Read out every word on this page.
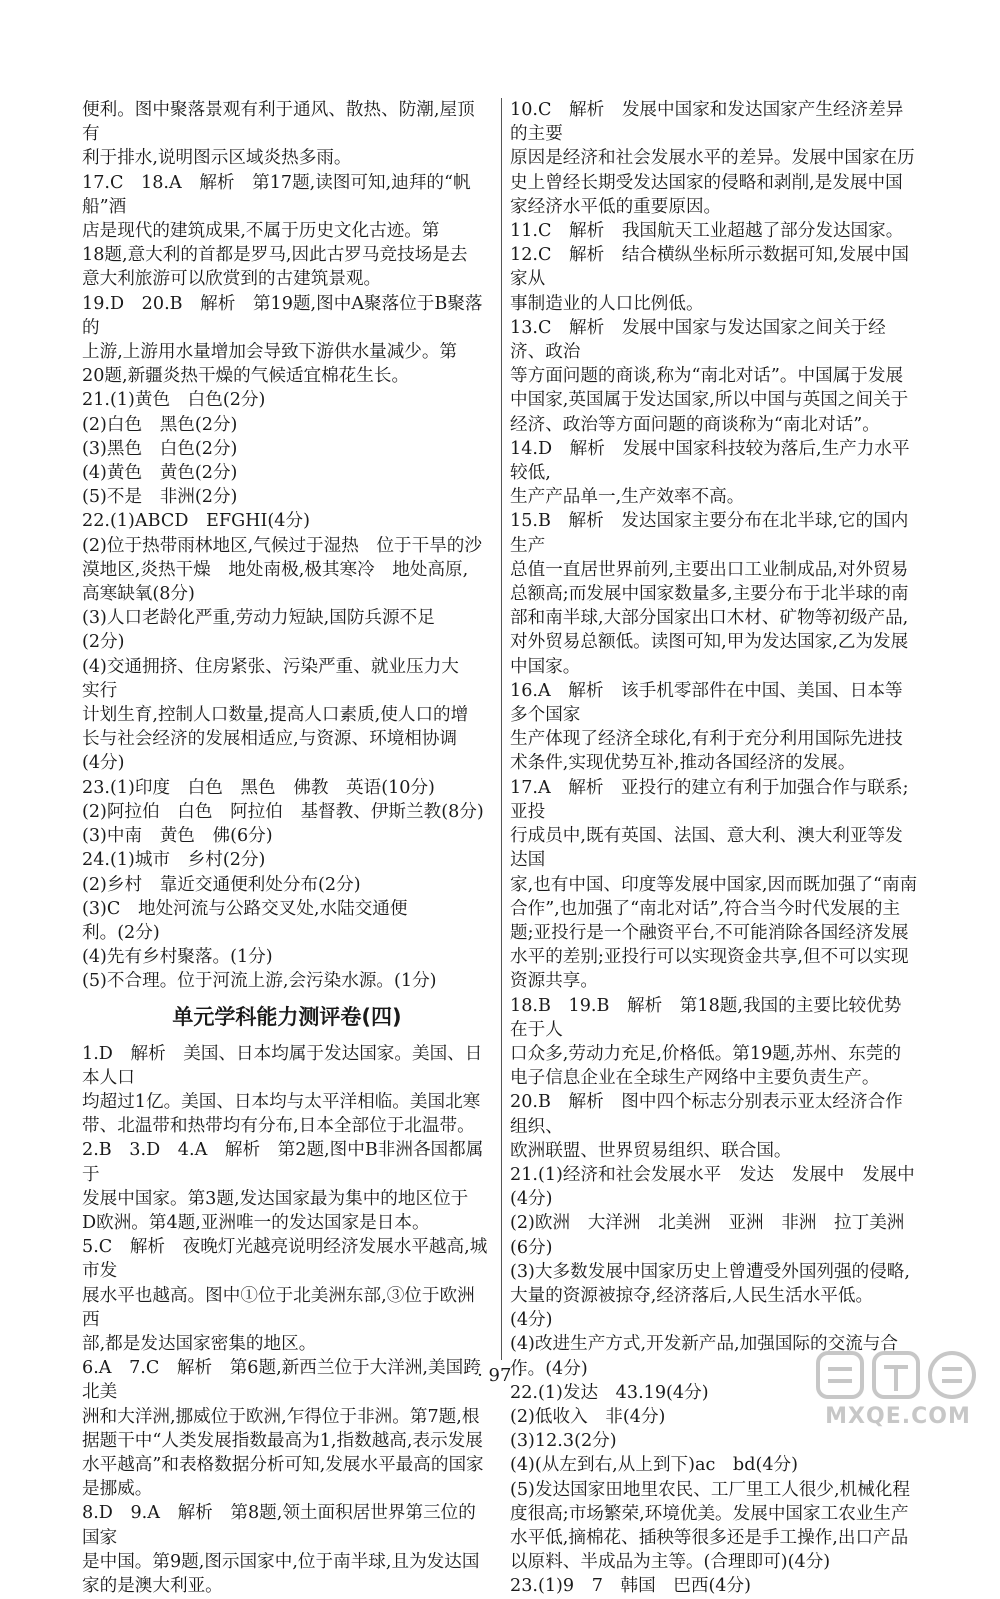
便利。图中聚落景观有利于通风、散热、防潮,屋顶有
利于排水,说明图示区域炎热多雨。

17.C　18.A　解析　第17题,读图可知,迪拜的“帆船”酒
店是现代的建筑成果,不属于历史文化古迹。第
18题,意大利的首都是罗马,因此古罗马竞技场是去
意大利旅游可以欣赏到的古建筑景观。

19.D　20.B　解析　第19题,图中A聚落位于B聚落的
上游,上游用水量增加会导致下游供水量减少。第
20题,新疆炎热干燥的气候适宜棉花生长。

21.(1)黄色　白色(2分)
(2)白色　黑色(2分)
(3)黑色　白色(2分)
(4)黄色　黄色(2分)
(5)不是　非洲(2分)

22.(1)ABCD　EFGHI(4分)
(2)位于热带雨林地区,气候过于湿热　位于干旱的沙
漠地区,炎热干燥　地处南极,极其寒冷　地处高原,
高寒缺氧(8分)
(3)人口老龄化严重,劳动力短缺,国防兵源不足
(2分)
(4)交通拥挤、住房紧张、污染严重、就业压力大　实行
计划生育,控制人口数量,提高人口素质,使人口的增
长与社会经济的发展相适应,与资源、环境相协调
(4分)

23.(1)印度　白色　黑色　佛教　英语(10分)
(2)阿拉伯　白色　阿拉伯　基督教、伊斯兰教(8分)
(3)中南　黄色　佛(6分)

24.(1)城市　乡村(2分)
(2)乡村　靠近交通便利处分布(2分)
(3)C　地处河流与公路交叉处,水陆交通便
利。(2分)
(4)先有乡村聚落。(1分)
(5)不合理。位于河流上游,会污染水源。(1分)

单元学科能力测评卷(四)

1.D　解析　美国、日本均属于发达国家。美国、日本人口
均超过1亿。美国、日本均与太平洋相临。美国北寒
带、北温带和热带均有分布,日本全部位于北温带。

2.B　3.D　4.A　解析　第2题,图中B非洲各国都属于
发展中国家。第3题,发达国家最为集中的地区位于
D欧洲。第4题,亚洲唯一的发达国家是日本。

5.C　解析　夜晚灯光越亮说明经济发展水平越高,城市发
展水平也越高。图中①位于北美洲东部,③位于欧洲西
部,都是发达国家密集的地区。

6.A　7.C　解析　第6题,新西兰位于大洋洲,美国跨北美
洲和大洋洲,挪威位于欧洲,乍得位于非洲。第7题,根
据题干中“人类发展指数最高为1,指数越高,表示发展
水平越高”和表格数据分析可知,发展水平最高的国家
是挪威。

8.D　9.A　解析　第8题,领土面积居世界第三位的国家
是中国。第9题,图示国家中,位于南半球,且为发达国
家的是澳大利亚。

10.C　解析　发展中国家和发达国家产生经济差异的主要
原因是经济和社会发展水平的差异。发展中国家在历
史上曾经长期受发达国家的侵略和剥削,是发展中国
家经济水平低的重要原因。

11.C　解析　我国航天工业超越了部分发达国家。

12.C　解析　结合横纵坐标所示数据可知,发展中国家从
事制造业的人口比例低。

13.C　解析　发展中国家与发达国家之间关于经济、政治
等方面问题的商谈,称为“南北对话”。中国属于发展
中国家,英国属于发达国家,所以中国与英国之间关于
经济、政治等方面问题的商谈称为“南北对话”。

14.D　解析　发展中国家科技较为落后,生产力水平较低,
生产产品单一,生产效率不高。

15.B　解析　发达国家主要分布在北半球,它的国内生产
总值一直居世界前列,主要出口工业制成品,对外贸易
总额高;而发展中国家数量多,主要分布于北半球的南
部和南半球,大部分国家出口木材、矿物等初级产品,
对外贸易总额低。读图可知,甲为发达国家,乙为发展
中国家。

16.A　解析　该手机零部件在中国、美国、日本等多个国家
生产体现了经济全球化,有利于充分利用国际先进技
术条件,实现优势互补,推动各国经济的发展。

17.A　解析　亚投行的建立有利于加强合作与联系;亚投
行成员中,既有英国、法国、意大利、澳大利亚等发达国
家,也有中国、印度等发展中国家,因而既加强了“南南
合作”,也加强了“南北对话”,符合当今时代发展的主
题;亚投行是一个融资平台,不可能消除各国经济发展
水平的差别;亚投行可以实现资金共享,但不可以实现
资源共享。

18.B　19.B　解析　第18题,我国的主要比较优势在于人
口众多,劳动力充足,价格低。第19题,苏州、东莞的
电子信息企业在全球生产网络中主要负责生产。

20.B　解析　图中四个标志分别表示亚太经济合作组织、
欧洲联盟、世界贸易组织、联合国。

21.(1)经济和社会发展水平　发达　发展中　发展中
(4分)
(2)欧洲　大洋洲　北美洲　亚洲　非洲　拉丁美洲
(6分)
(3)大多数发展中国家历史上曾遭受外国列强的侵略,
大量的资源被掠夺,经济落后,人民生活水平低。
(4分)
(4)改进生产方式,开发新产品,加强国际的交流与合
作。(4分)

22.(1)发达　43.19(4分)
(2)低收入　非(4分)
(3)12.3(2分)
(4)(从左到右,从上到下)ac　bd(4分)
(5)发达国家田地里农民、工厂里工人很少,机械化程
度很高;市场繁荣,环境优美。发展中国家工农业生产
水平低,摘棉花、插秧等很多还是手工操作,出口产品
以原料、半成品为主等。(合理即可)(4分)

23.(1)9　7　韩国　巴西(4分)

· 97 ·
MXQE.COM
